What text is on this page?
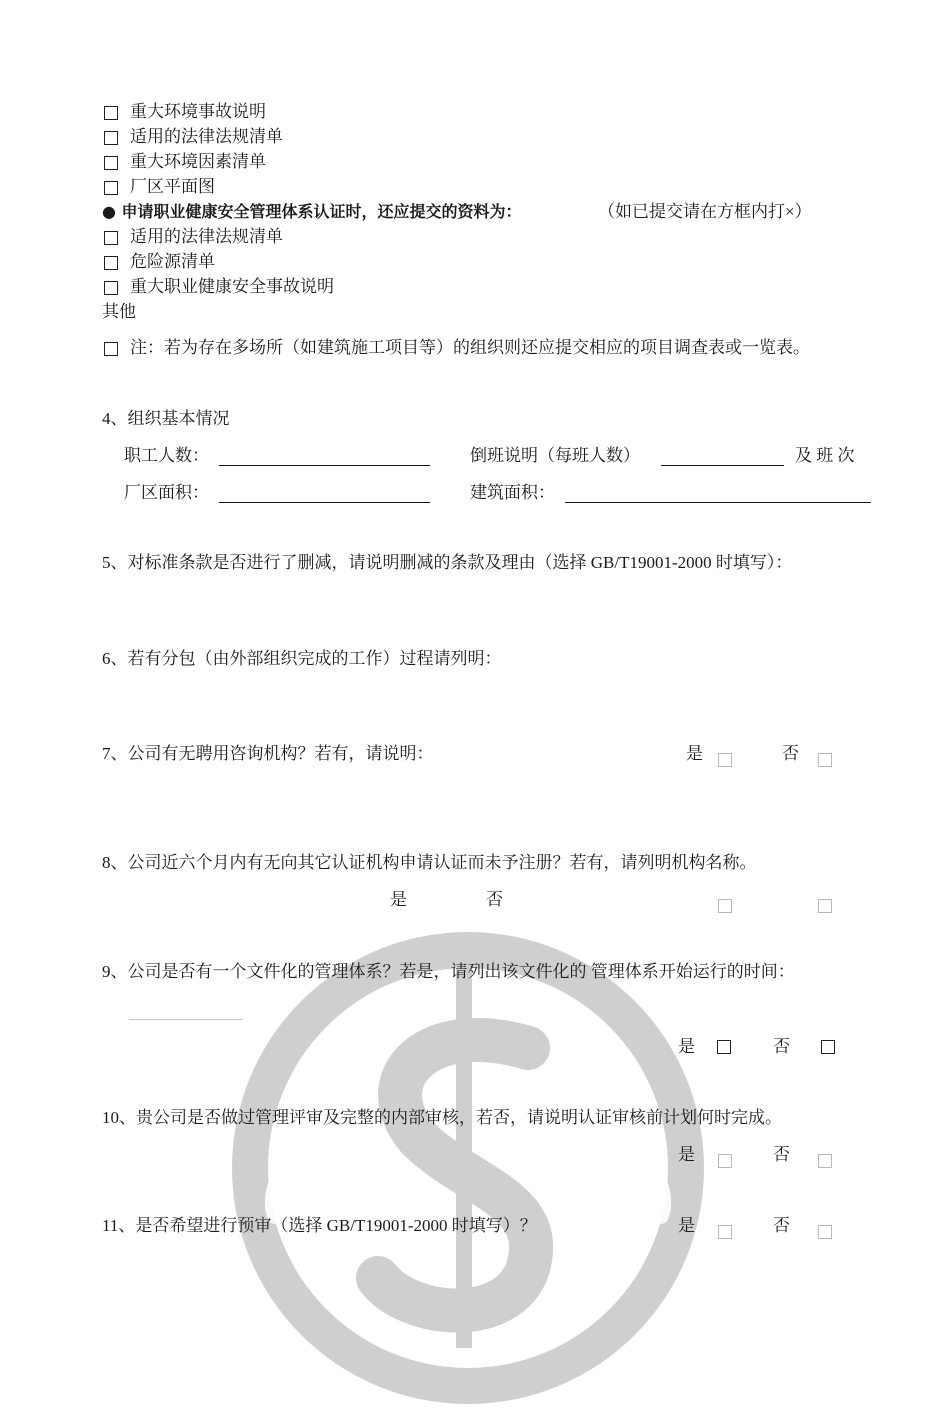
重大环境事故说明
适用的法律法规清单
重大环境因素清单
厂区平面图
● 申请职业健康安全管理体系认证时，还应提交的资料为：	（如已提交请在方框内打×）
适用的法律法规清单
危险源清单
重大职业健康安全事故说明
其他
注：若为存在多场所（如建筑施工项目等）的组织则还应提交相应的项目调查表或一览表。
4、组织基本情况
职工人数：	倒班说明（每班人数）	及 班 次
厂区面积：	建筑面积：
5、对标准条款是否进行了删减，请说明删减的条款及理由（选择 GB/T19001-2000 时填写）：
6、若有分包（由外部组织完成的工作）过程请列明：
7、公司有无聘用咨询机构？若有，请说明：	是	否
8、公司近六个月内有无向其它认证机构申请认证而未予注册？若有，请列明机构名称。
是	否
9、公司是否有一个文件化的管理体系？若是，请列出该文件化的 管理体系开始运行的时间：
是	否
10、贵公司是否做过管理评审及完整的内部审核，若否，请说明认证审核前计划何时完成。
是	否
11、是否希望进行预审（选择 GB/T19001-2000 时填写）？	是	否
